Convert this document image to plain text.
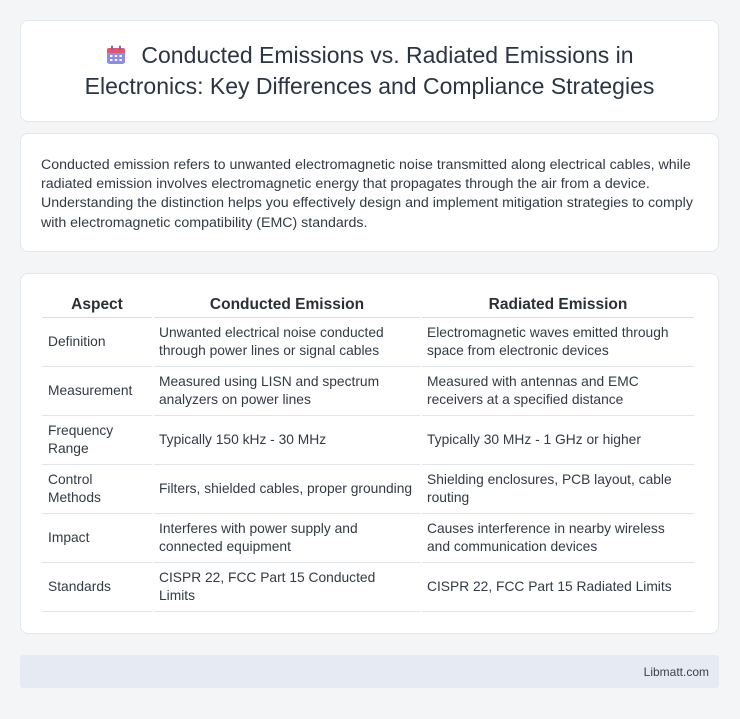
Conducted Emissions vs. Radiated Emissions in Electronics: Key Differences and Compliance Strategies

Conducted emission refers to unwanted electromagnetic noise transmitted along electrical cables, while radiated emission involves electromagnetic energy that propagates through the air from a device. Understanding the distinction helps you effectively design and implement mitigation strategies to comply with electromagnetic compatibility (EMC) standards.

Aspect	Conducted Emission	Radiated Emission
Definition	Unwanted electrical noise conducted through power lines or signal cables	Electromagnetic waves emitted through space from electronic devices
Measurement	Measured using LISN and spectrum analyzers on power lines	Measured with antennas and EMC receivers at a specified distance
Frequency Range	Typically 150 kHz - 30 MHz	Typically 30 MHz - 1 GHz or higher
Control Methods	Filters, shielded cables, proper grounding	Shielding enclosures, PCB layout, cable routing
Impact	Interferes with power supply and connected equipment	Causes interference in nearby wireless and communication devices
Standards	CISPR 22, FCC Part 15 Conducted Limits	CISPR 22, FCC Part 15 Radiated Limits
Libmatt.com
